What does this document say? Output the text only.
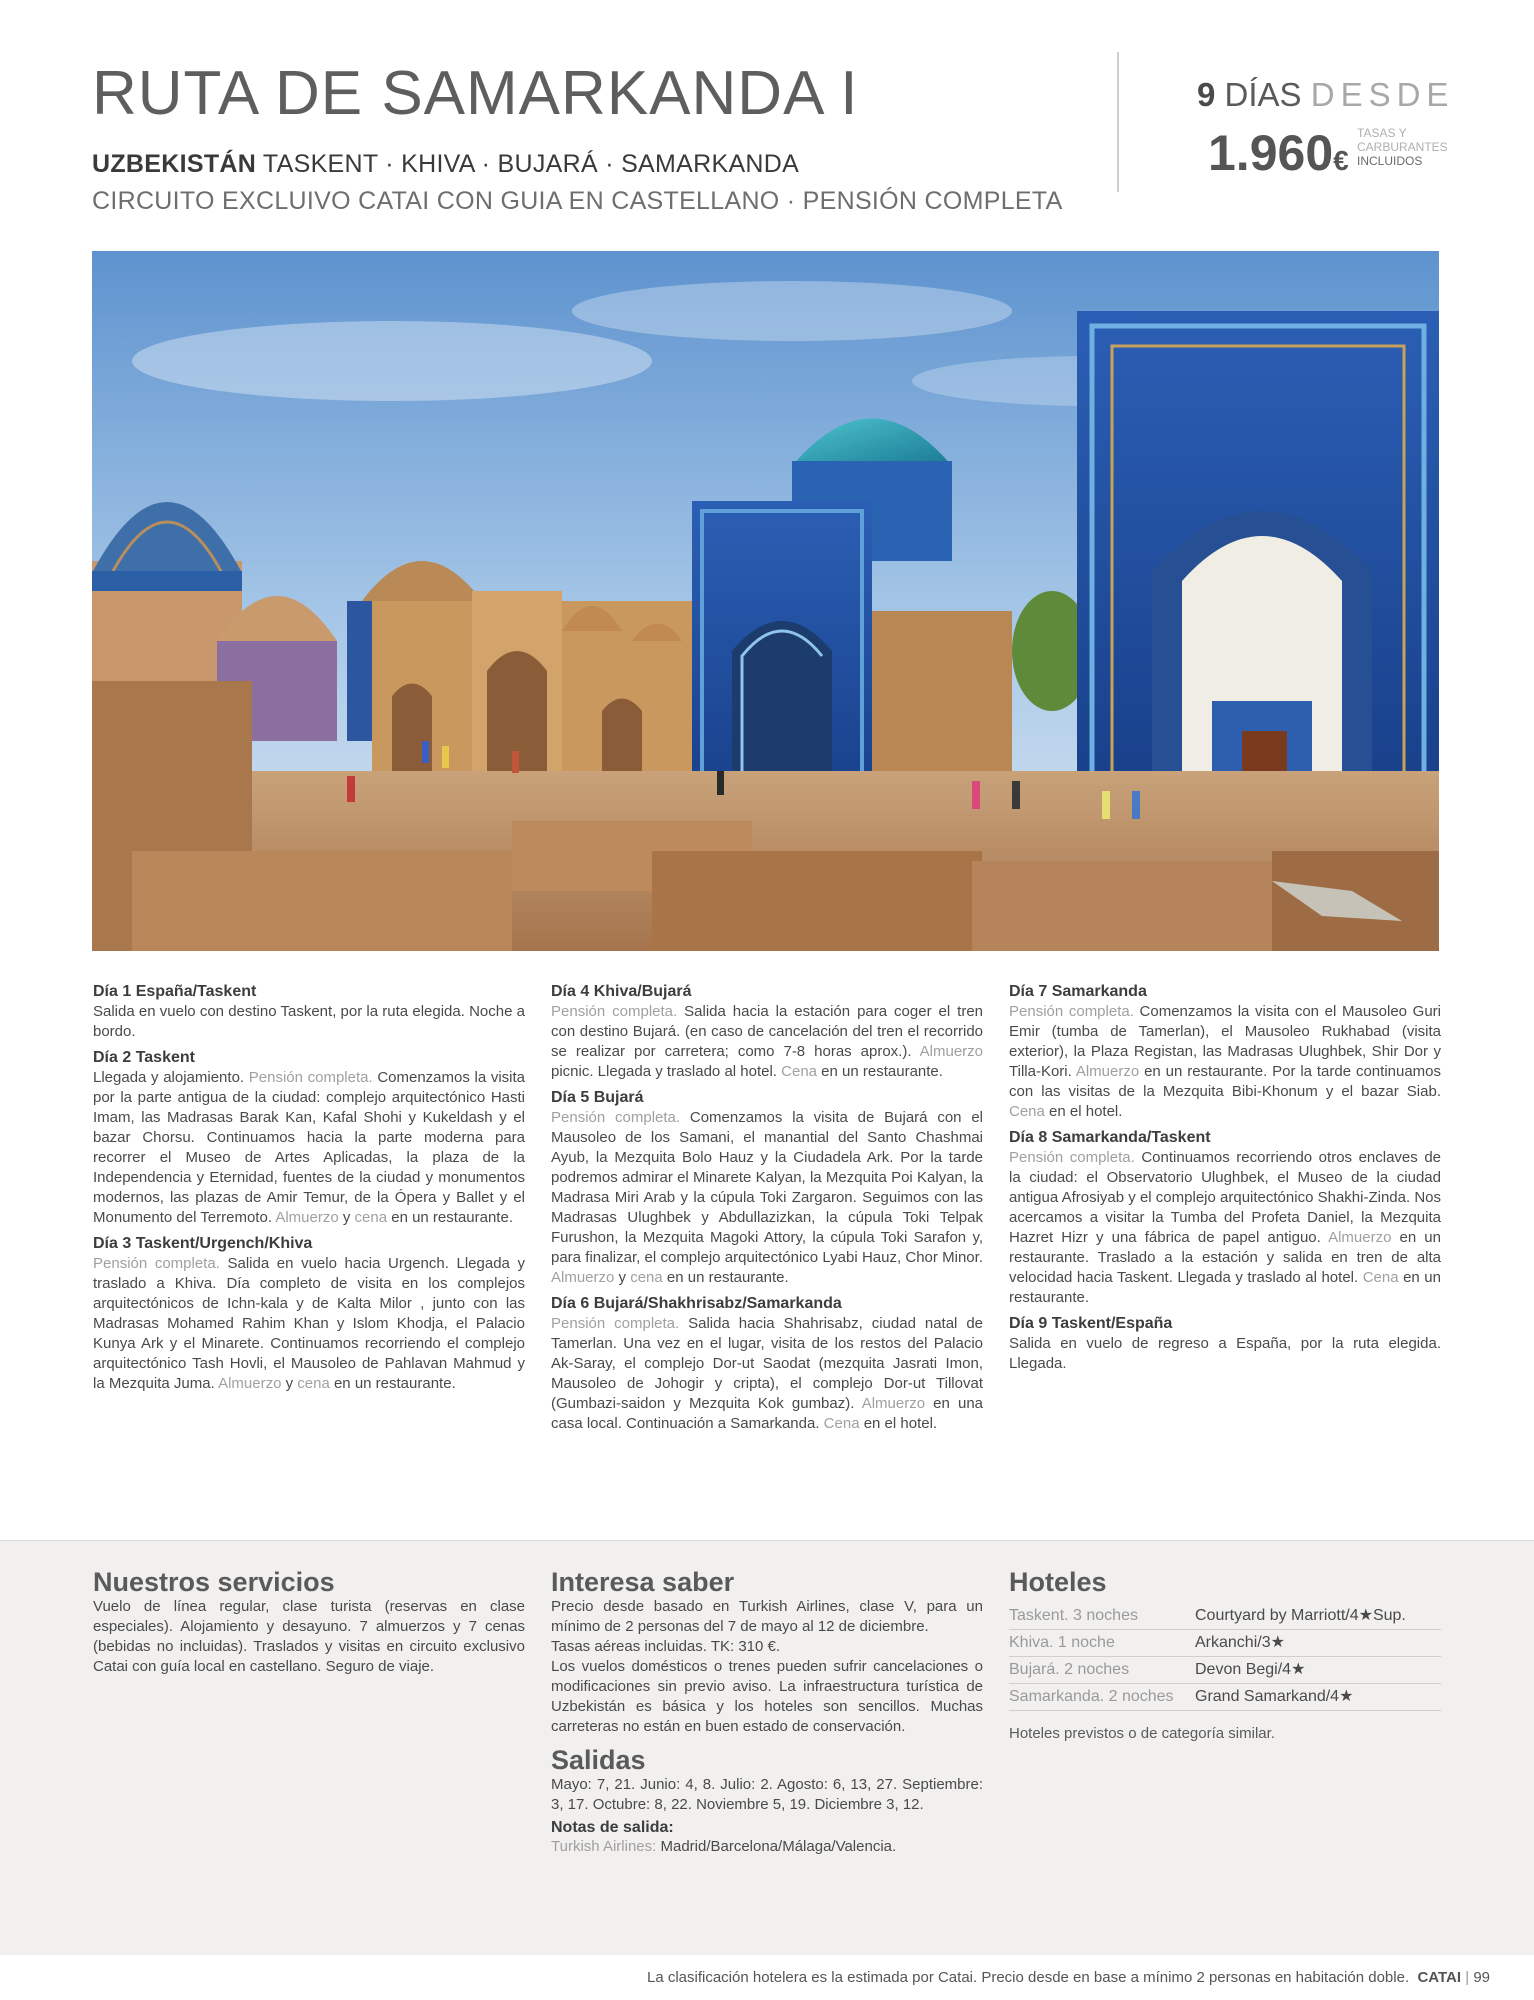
RUTA DE SAMARKANDA I
UZBEKISTÁN TASKENT · KHIVA · BUJARÁ · SAMARKANDA
CIRCUITO EXCLUIVO CATAI CON GUIA EN CASTELLANO · PENSIÓN COMPLETA
9 DÍAS DESDE
1.960€
TASAS Y
CARBURANTES
INCLUIDOS
Día 1 España/Taskent
Salida en vuelo con destino Taskent, por la ruta elegida. Noche a bordo.
Día 2 Taskent
Llegada y alojamiento. Pensión completa. Comenzamos la visita por la parte antigua de la ciudad: complejo arquitectónico Hasti Imam, las Madrasas Barak Kan, Kafal Shohi y Kukeldash y el bazar Chorsu. Continuamos hacia la parte moderna para recorrer el Museo de Artes Aplicadas, la plaza de la Independencia y Eternidad, fuentes de la ciudad y monumentos modernos, las plazas de Amir Temur, de la Ópera y Ballet y el Monumento del Terremoto. Almuerzo y cena en un restaurante.
Día 3 Taskent/Urgench/Khiva
Pensión completa. Salida en vuelo hacia Urgench. Llegada y traslado a Khiva. Día completo de visita en los complejos arquitectónicos de Ichn-kala y de Kalta Milor , junto con las Madrasas Mohamed Rahim Khan y Islom Khodja, el Palacio Kunya Ark y el Minarete. Continuamos recorriendo el complejo arquitectónico Tash Hovli, el Mausoleo de Pahlavan Mahmud y la Mezquita Juma. Almuerzo y cena en un restaurante.
Día 4 Khiva/Bujará
Pensión completa. Salida hacia la estación para coger el tren con destino Bujará. (en caso de cancelación del tren el recorrido se realizar por carretera; como 7-8 horas aprox.). Almuerzo picnic. Llegada y traslado al hotel. Cena en un restaurante.
Día 5 Bujará
Pensión completa. Comenzamos la visita de Bujará con el Mausoleo de los Samani, el manantial del Santo Chashmai Ayub, la Mezquita Bolo Hauz y la Ciudadela Ark. Por la tarde podremos admirar el Minarete Kalyan, la Mezquita Poi Kalyan, la Madrasa Miri Arab y la cúpula Toki Zargaron. Seguimos con las Madrasas Ulughbek y Abdullazizkan, la cúpula Toki Telpak Furushon, la Mezquita Magoki Attory, la cúpula Toki Sarafon y, para finalizar, el complejo arquitectónico Lyabi Hauz, Chor Minor. Almuerzo y cena en un restaurante.
Día 6 Bujará/Shakhrisabz/Samarkanda
Pensión completa. Salida hacia Shahrisabz, ciudad natal de Tamerlan. Una vez en el lugar, visita de los restos del Palacio Ak-Saray, el complejo Dor-ut Saodat (mezquita Jasrati Imon, Mausoleo de Johogir y cripta), el complejo Dor-ut Tillovat (Gumbazi-saidon y Mezquita Kok gumbaz). Almuerzo en una casa local. Continuación a Samarkanda. Cena en el hotel.
Día 7 Samarkanda
Pensión completa. Comenzamos la visita con el Mausoleo Guri Emir (tumba de Tamerlan), el Mausoleo Rukhabad (visita exterior), la Plaza Registan, las Madrasas Ulughbek, Shir Dor y Tilla-Kori. Almuerzo en un restaurante. Por la tarde continuamos con las visitas de la Mezquita Bibi-Khonum y el bazar Siab. Cena en el hotel.
Día 8 Samarkanda/Taskent
Pensión completa. Continuamos recorriendo otros enclaves de la ciudad: el Observatorio Ulughbek, el Museo de la ciudad antigua Afrosiyab y el complejo arquitectónico Shakhi-Zinda. Nos acercamos a visitar la Tumba del Profeta Daniel, la Mezquita Hazret Hizr y una fábrica de papel antiguo. Almuerzo en un restaurante. Traslado a la estación y salida en tren de alta velocidad hacia Taskent. Llegada y traslado al hotel. Cena en un restaurante.
Día 9 Taskent/España
Salida en vuelo de regreso a España, por la ruta elegida. Llegada.
Nuestros servicios
Vuelo de línea regular, clase turista (reservas en clase especiales). Alojamiento y desayuno. 7 almuerzos y 7 cenas (bebidas no incluidas). Traslados y visitas en circuito exclusivo Catai con guía local en castellano. Seguro de viaje.
Interesa saber
Precio desde basado en Turkish Airlines, clase V, para un mínimo de 2 personas del 7 de mayo al 12 de diciembre.
Tasas aéreas incluidas. TK: 310 €.
Los vuelos domésticos o trenes pueden sufrir cancelaciones o modificaciones sin previo aviso. La infraestructura turística de Uzbekistán es básica y los hoteles son sencillos. Muchas carreteras no están en buen estado de conservación.
Salidas
Mayo: 7, 21. Junio: 4, 8. Julio: 2. Agosto: 6, 13, 27. Septiembre: 3, 17. Octubre: 8, 22. Noviembre 5, 19. Diciembre 3, 12.
Notas de salida:
Turkish Airlines: Madrid/Barcelona/Málaga/Valencia.
Hoteles
Taskent. 3 noches	Courtyard by Marriott/4★Sup.
Khiva. 1 noche	Arkanchi/3★
Bujará. 2 noches	Devon Begi/4★
Samarkanda. 2 noches	Grand Samarkand/4★
Hoteles previstos o de categoría similar.
La clasificación hotelera es la estimada por Catai. Precio desde en base a mínimo 2 personas en habitación doble. CATAI | 99
